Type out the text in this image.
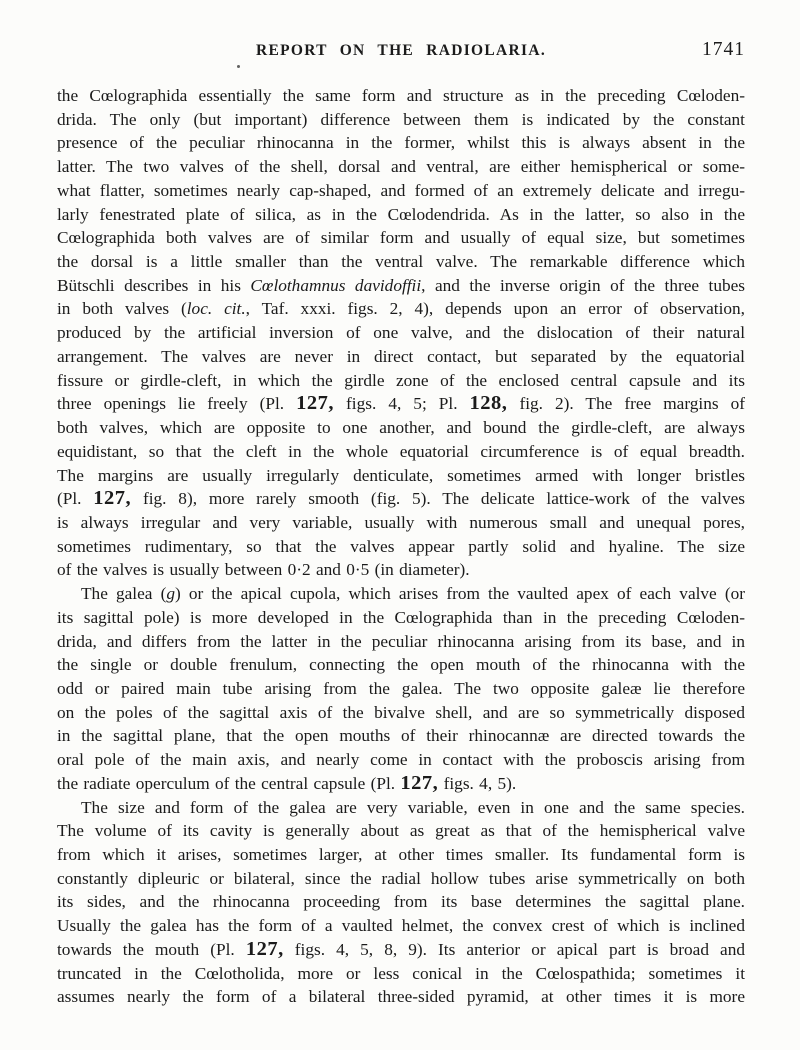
REPORT ON THE RADIOLARIA.	1741

the Cœlographida essentially the same form and structure as in the preceding Cœloden-
drida. The only (but important) difference between them is indicated by the constant
presence of the peculiar rhinocanna in the former, whilst this is always absent in the
latter. The two valves of the shell, dorsal and ventral, are either hemispherical or some-
what flatter, sometimes nearly cap-shaped, and formed of an extremely delicate and irregu-
larly fenestrated plate of silica, as in the Cœlodendrida. As in the latter, so also in the
Cœlographida both valves are of similar form and usually of equal size, but sometimes
the dorsal is a little smaller than the ventral valve. The remarkable difference which
Bütschli describes in his Cœlothamnus davidoffii, and the inverse origin of the three tubes
in both valves (loc. cit., Taf. xxxi. figs. 2, 4), depends upon an error of observation,
produced by the artificial inversion of one valve, and the dislocation of their natural
arrangement. The valves are never in direct contact, but separated by the equatorial
fissure or girdle-cleft, in which the girdle zone of the enclosed central capsule and its
three openings lie freely (Pl. 127, figs. 4, 5; Pl. 128, fig. 2). The free margins of
both valves, which are opposite to one another, and bound the girdle-cleft, are always
equidistant, so that the cleft in the whole equatorial circumference is of equal breadth.
The margins are usually irregularly denticulate, sometimes armed with longer bristles
(Pl. 127, fig. 8), more rarely smooth (fig. 5). The delicate lattice-work of the valves
is always irregular and very variable, usually with numerous small and unequal pores,
sometimes rudimentary, so that the valves appear partly solid and hyaline. The size
of the valves is usually between 0·2 and 0·5 (in diameter).

The galea (g) or the apical cupola, which arises from the vaulted apex of each valve (or
its sagittal pole) is more developed in the Cœlographida than in the preceding Cœloden-
drida, and differs from the latter in the peculiar rhinocanna arising from its base, and in
the single or double frenulum, connecting the open mouth of the rhinocanna with the
odd or paired main tube arising from the galea. The two opposite galeæ lie therefore
on the poles of the sagittal axis of the bivalve shell, and are so symmetrically disposed
in the sagittal plane, that the open mouths of their rhinocannæ are directed towards the
oral pole of the main axis, and nearly come in contact with the proboscis arising from
the radiate operculum of the central capsule (Pl. 127, figs. 4, 5).

The size and form of the galea are very variable, even in one and the same species.
The volume of its cavity is generally about as great as that of the hemispherical valve
from which it arises, sometimes larger, at other times smaller. Its fundamental form is
constantly dipleuric or bilateral, since the radial hollow tubes arise symmetrically on both
its sides, and the rhinocanna proceeding from its base determines the sagittal plane.
Usually the galea has the form of a vaulted helmet, the convex crest of which is inclined
towards the mouth (Pl. 127, figs. 4, 5, 8, 9). Its anterior or apical part is broad and
truncated in the Cœlotholida, more or less conical in the Cœlospathida; sometimes it
assumes nearly the form of a bilateral three-sided pyramid, at other times it is more
